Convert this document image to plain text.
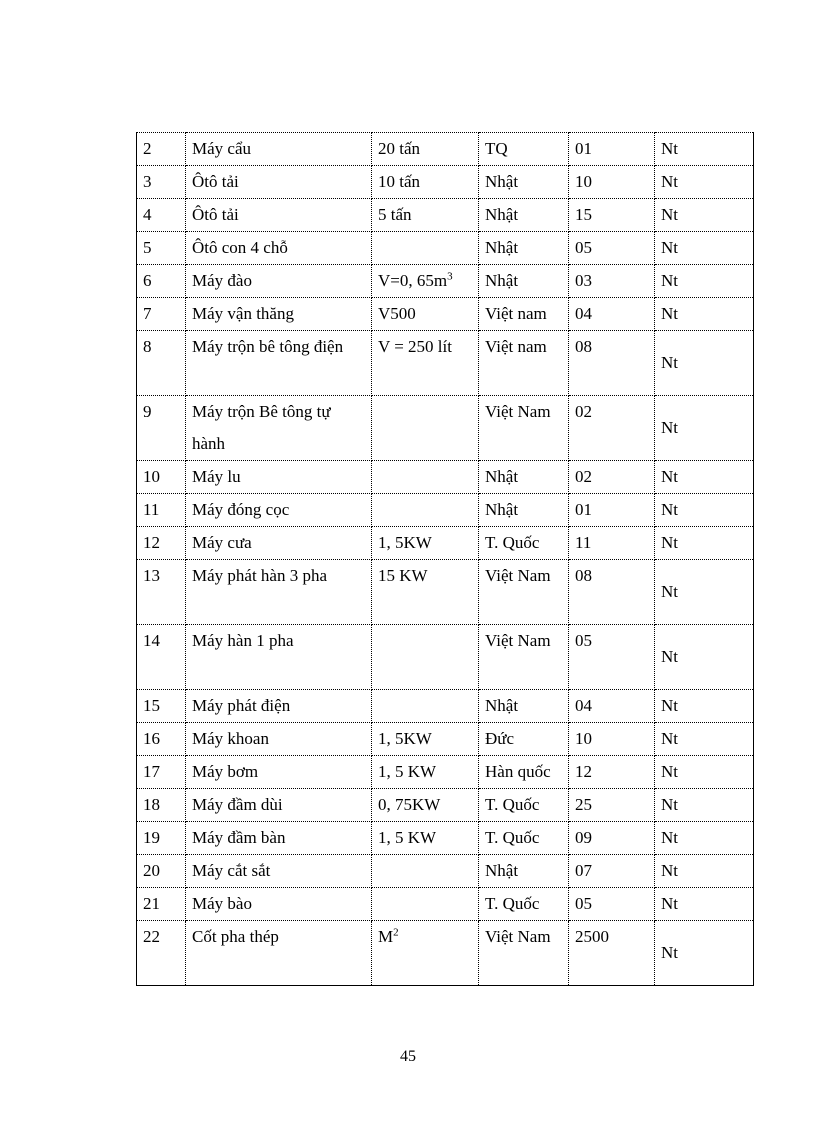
2	Máy cẩu	20 tấn	TQ	01	Nt
3	Ôtô tải	10 tấn	Nhật	10	Nt
4	Ôtô tải	5 tấn	Nhật	15	Nt
5	Ôtô con 4 chỗ		Nhật	05	Nt
6	Máy đào	V=0, $65m^3$	Nhật	03	Nt
7	Máy vận thăng	V500	Việt nam	04	Nt
8	Máy trộn bê tông điện	V = 250 lít	Việt nam	08	Nt
9	Máy trộn Bê tông tự hành		Việt Nam	02	Nt
10	Máy lu		Nhật	02	Nt
11	Máy đóng cọc		Nhật	01	Nt
12	Máy cưa	1, 5KW	T. Quốc	11	Nt
13	Máy phát hàn 3 pha	15 KW	Việt Nam	08	Nt
14	Máy hàn 1 pha		Việt Nam	05	Nt
15	Máy phát điện		Nhật	04	Nt
16	Máy khoan	1, 5KW	Đức	10	Nt
17	Máy bơm	1, 5 KW	Hàn quốc	12	Nt
18	Máy đầm dùi	0, 75KW	T. Quốc	25	Nt
19	Máy đầm bàn	1, 5 KW	T. Quốc	09	Nt
20	Máy cắt sắt		Nhật	07	Nt
21	Máy bào		T. Quốc	05	Nt
22	Cốt pha thép	$M^2$	Việt Nam	2500	Nt
45
